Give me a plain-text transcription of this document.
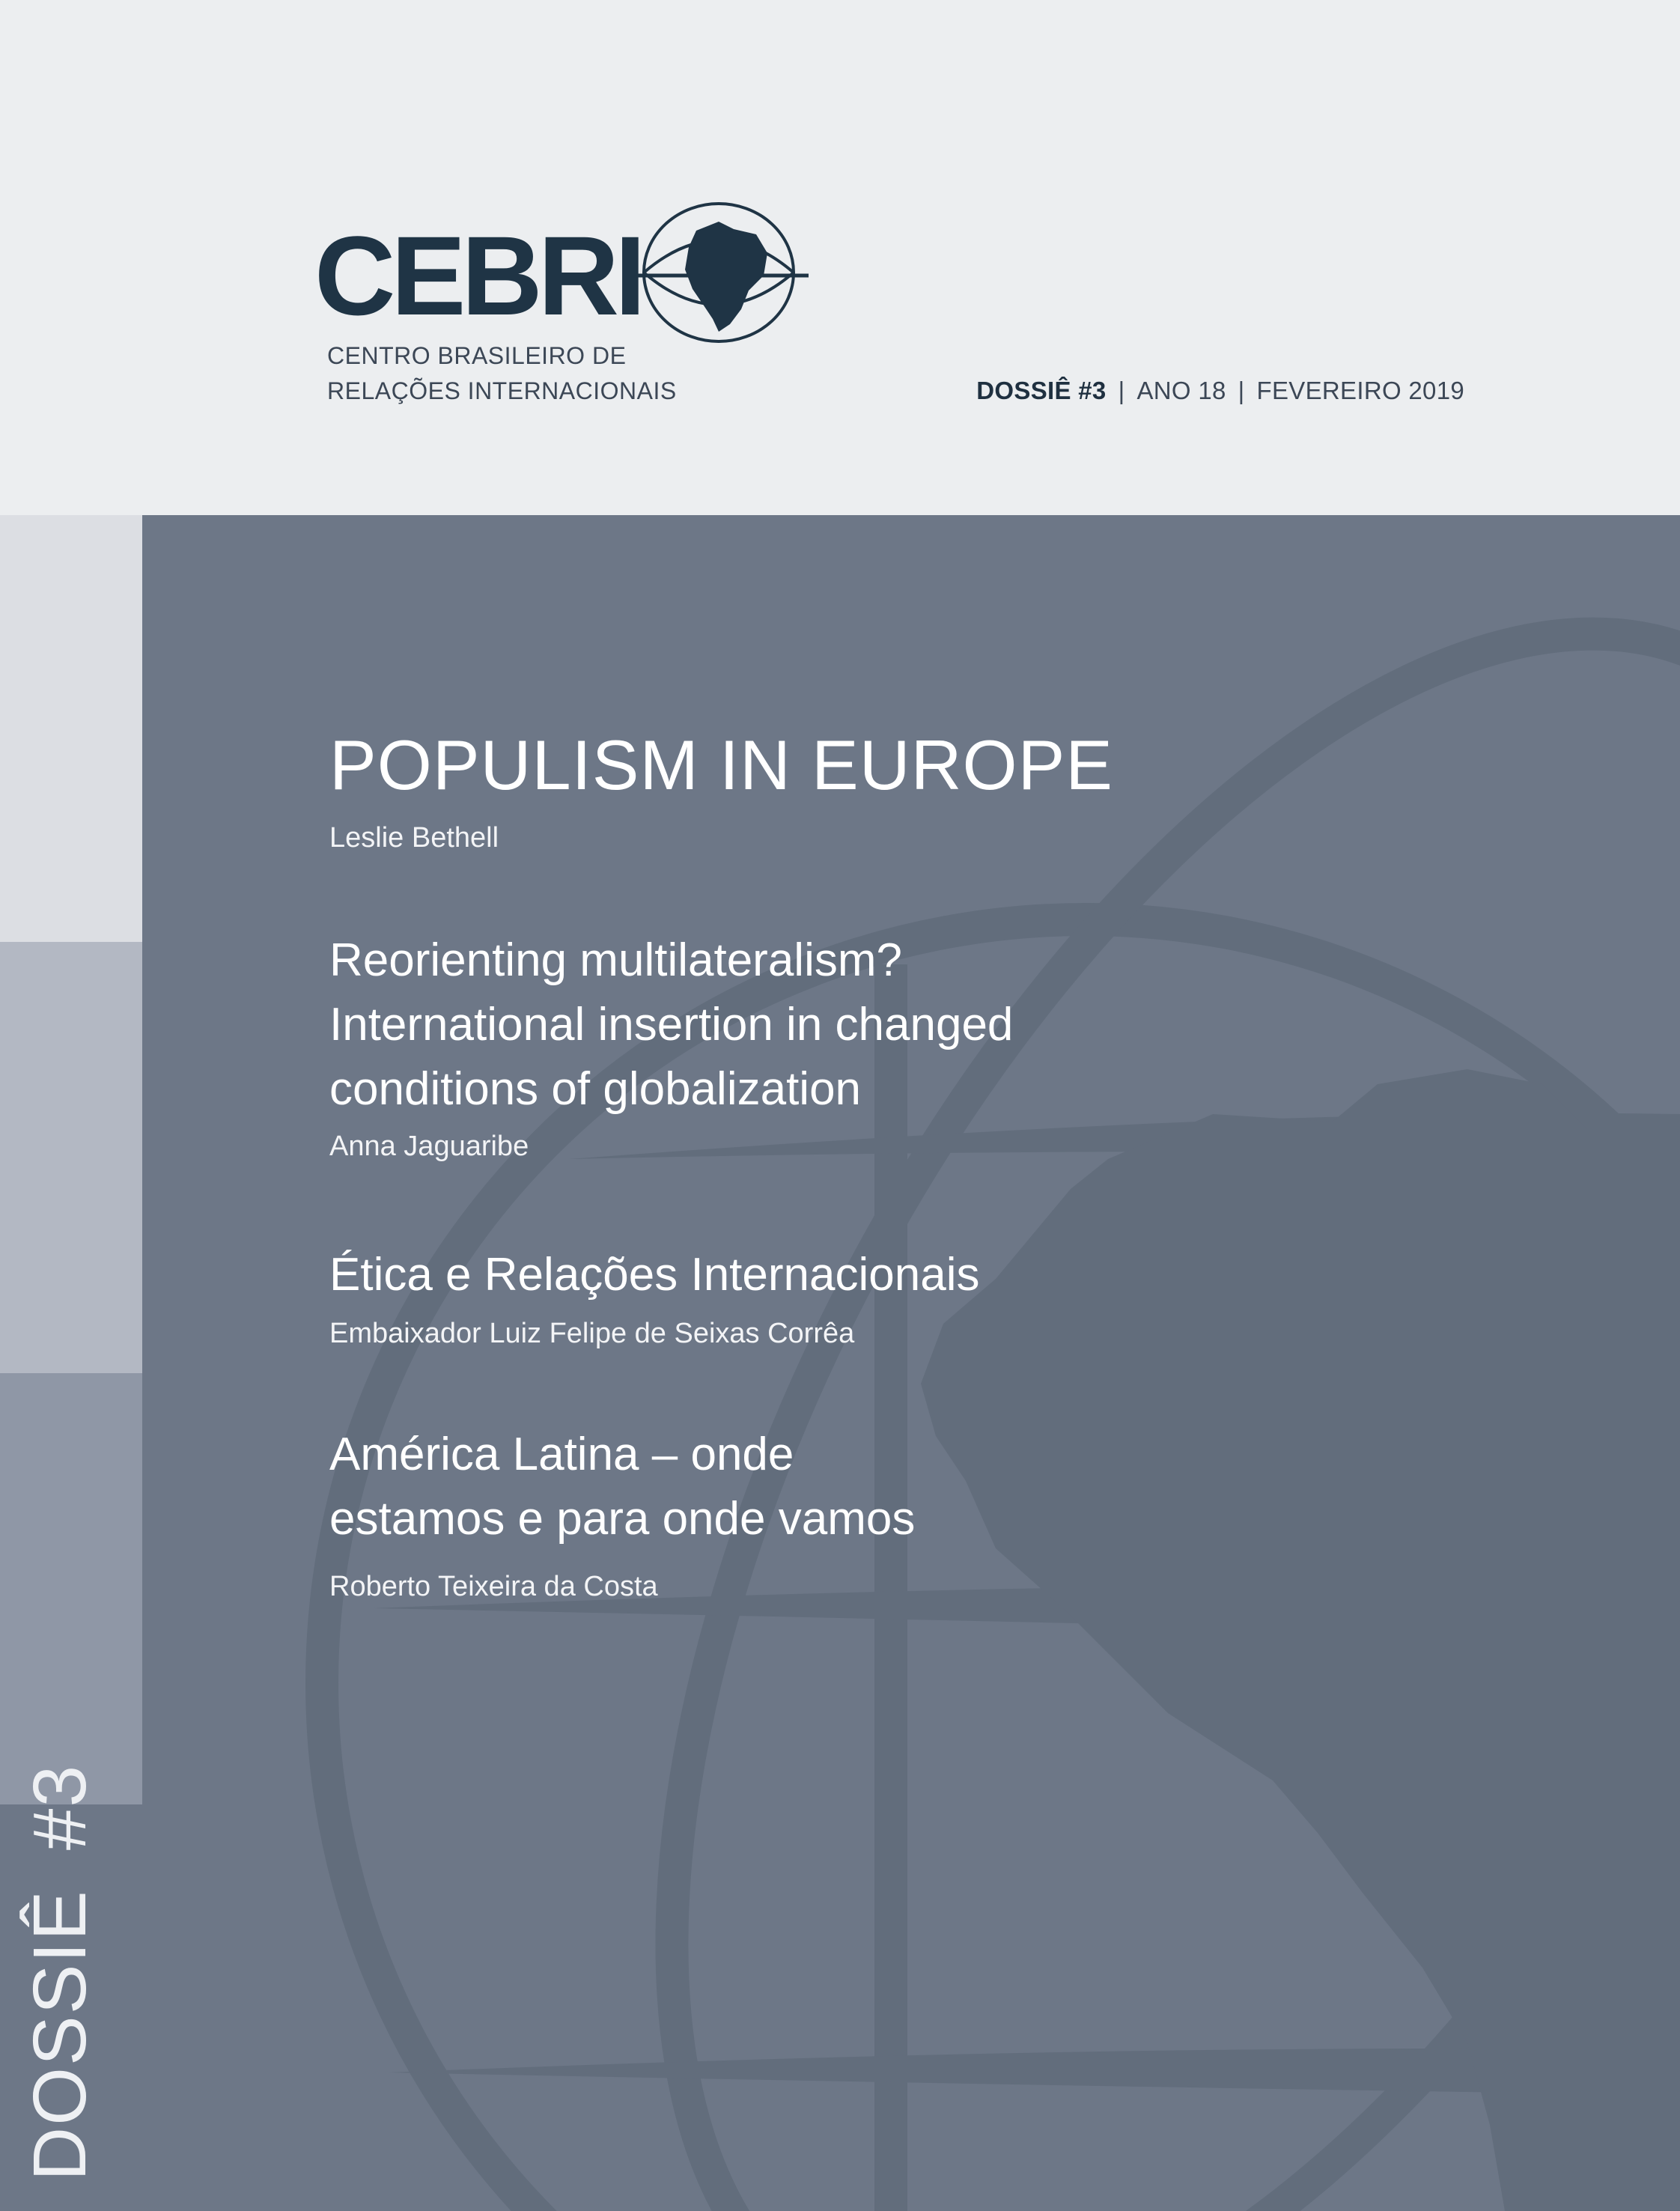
CEBRI
CENTRO BRASILEIRO DE
RELAÇÕES INTERNACIONAIS	DOSSIÊ #3 | ANO 18 | FEVEREIRO 2019
DOSSIÊ#3
POPULISM IN EUROPE
Leslie Bethell
Reorienting multilateralism?
International insertion in changed
conditions of globalization
Anna Jaguaribe
Ética e Relações Internacionais
Embaixador Luiz Felipe de Seixas Corrêa
América Latina – onde
estamos e para onde vamos
Roberto Teixeira da Costa
